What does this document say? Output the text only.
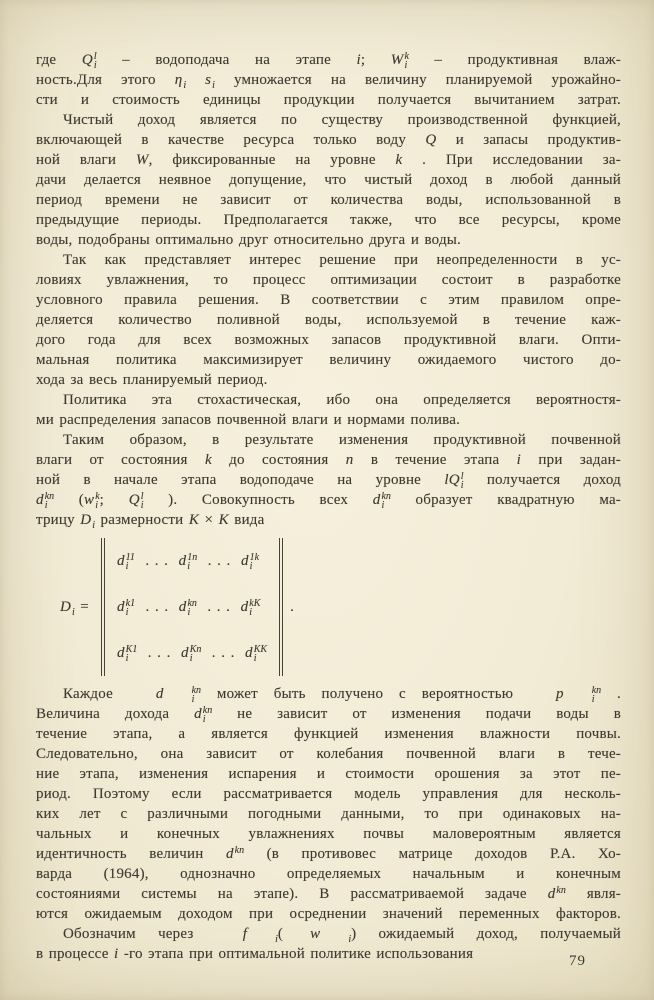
где Q l
i – водоподача на этапе i; W k
i – продуктивная влаж-
ность.Для этого η i s i умножается на величину планируемой урожайно-
сти и стоимость единицы продукции получается вычитанием затрат.
Чистый доход является по существу производственной функцией,
включающей в качестве ресурса только воду Q и запасы продуктив-
ной влаги W, фиксированные на уровне k . При исследовании за-
дачи делается неявное допущение, что чистый доход в любой данный
период времени не зависит от количества воды, использованной в
предыдущие периоды. Предполагается также, что все ресурсы, кроме
воды, подобраны оптимально друг относительно друга и воды.
Так как представляет интерес решение при неопределенности в ус-
ловиях увлажнения, то процесс оптимизации состоит в разработке
условного правила решения. В соответствии с этим правилом опре-
деляется количество поливной воды, используемой в течение каж-
дого года для всех возможных запасов продуктивной влаги. Опти-
мальная политика максимизирует величину ожидаемого чистого до-
хода за весь планируемый период.
Политика эта стохастическая, ибо она определяется вероятностя-
ми распределения запасов почвенной влаги и нормами полива.
Таким образом, в результате изменения продуктивной почвенной
влаги от состояния k до состояния n в течение этапа i при задан-
ной в начале этапа водоподаче на уровне lQ l
i получается доход
d kn
i (w k
i ; Q l
i ). Совокупность всех d kn
i образует квадратную ма-
трицу D i размерности K × K вида
D i =
d 11
i . . . d 1n
i . . . d 1k
i
d k1
i . . . d kn
i . . . d kK
i
d K1
i . . . d Kn
i . . . d KK
i
.
Каждое d	kn
i может быть получено с вероятностью p	kn
i .
Величина дохода d kn
i не зависит от изменения подачи воды в
течение этапа, а является функцией изменения влажности почвы.
Следовательно, она зависит от колебания почвенной влаги в тече-
ние этапа, изменения испарения и стоимости орошения за этот пе-
риод. Поэтому если рассматривается модель управления для несколь-
ких лет с различными погодными данными, то при одинаковых на-
чальных и конечных увлажнениях почвы маловероятным является
идентичность величин d kn (в противовес матрице доходов Р.А. Хо-
варда (1964), однозначно определяемых начальным и конечным
состояниями системы на этапе). В рассматриваемой задаче d kn явля-
ются ожидаемым доходом при осреднении значений переменных факторов.
Обозначим через f	i ( w	i ) ожидаемый доход, получаемый
в процессе i -го этапа при оптимальной политике использования	79
